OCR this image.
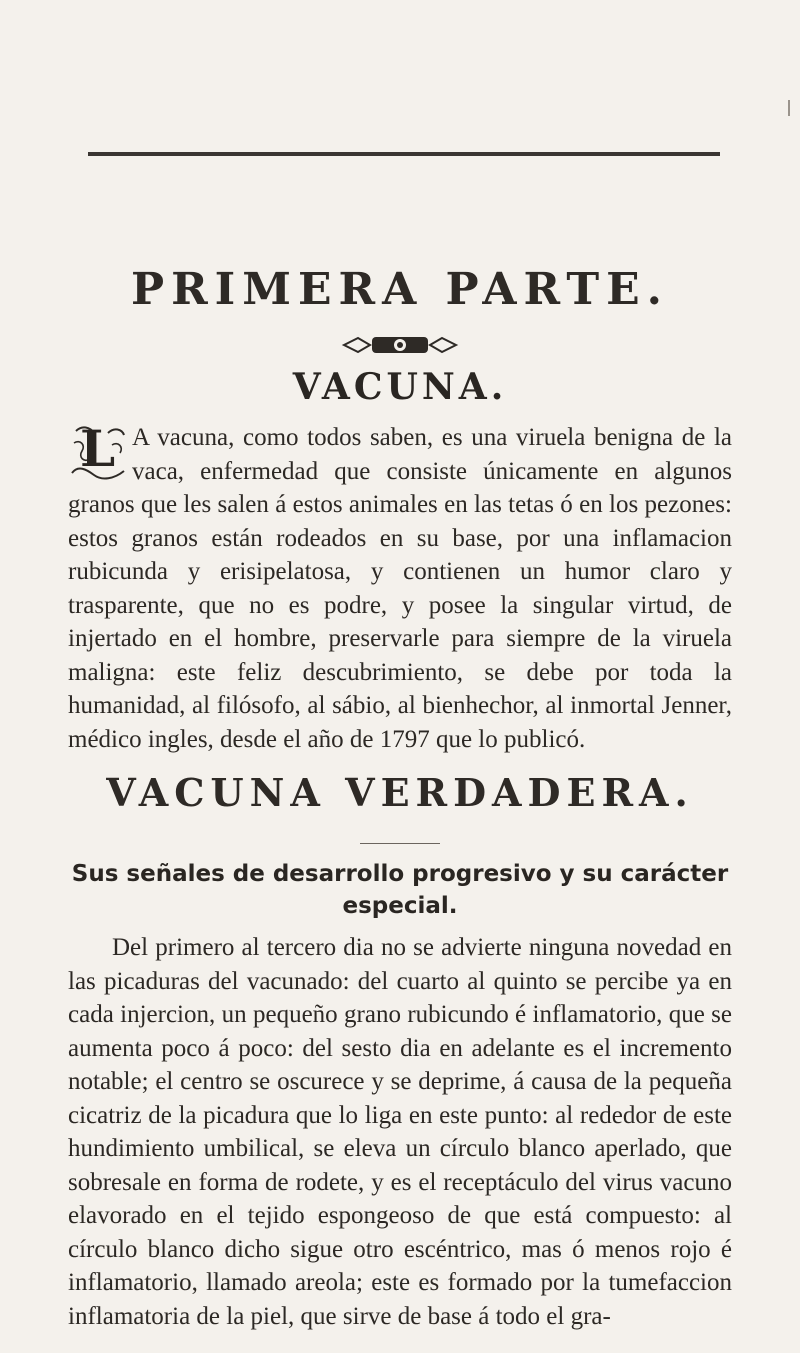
PRIMERA PARTE.
VACUNA.
L A vacuna, como todos saben, es una viruela benigna de la vaca, enfermedad que consiste únicamente en algunos granos que les salen á estos animales en las tetas ó en los pezones: estos granos están rodeados en su base, por una inflamacion rubicunda y erisipelatosa, y contienen un humor claro y trasparente, que no es podre, y posee la singular virtud, de injertado en el hombre, preservarle para siempre de la viruela maligna: este feliz descubrimiento, se debe por toda la humanidad, al filósofo, al sábio, al bienhechor, al inmortal Jenner, médico ingles, desde el año de 1797 que lo publicó.

VACUNA VERDADERA.
Sus señales de desarrollo progresivo y su carácter especial.

Del primero al tercero dia no se advierte ninguna novedad en las picaduras del vacunado: del cuarto al quinto se percibe ya en cada injercion, un pequeño grano rubicundo é inflamatorio, que se aumenta poco á poco: del sesto dia en adelante es el incremento notable; el centro se oscurece y se deprime, á causa de la pequeña cicatriz de la picadura que lo liga en este punto: al rededor de este hundimiento umbilical, se eleva un círculo blanco aperlado, que sobresale en forma de rodete, y es el receptáculo del virus vacuno elavorado en el tejido espongeoso de que está compuesto: al círculo blanco dicho sigue otro escéntrico, mas ó menos rojo é inflamatorio, llamado areola; este es formado por la tumefaccion inflamatoria de la piel, que sirve de base á todo el gra-
